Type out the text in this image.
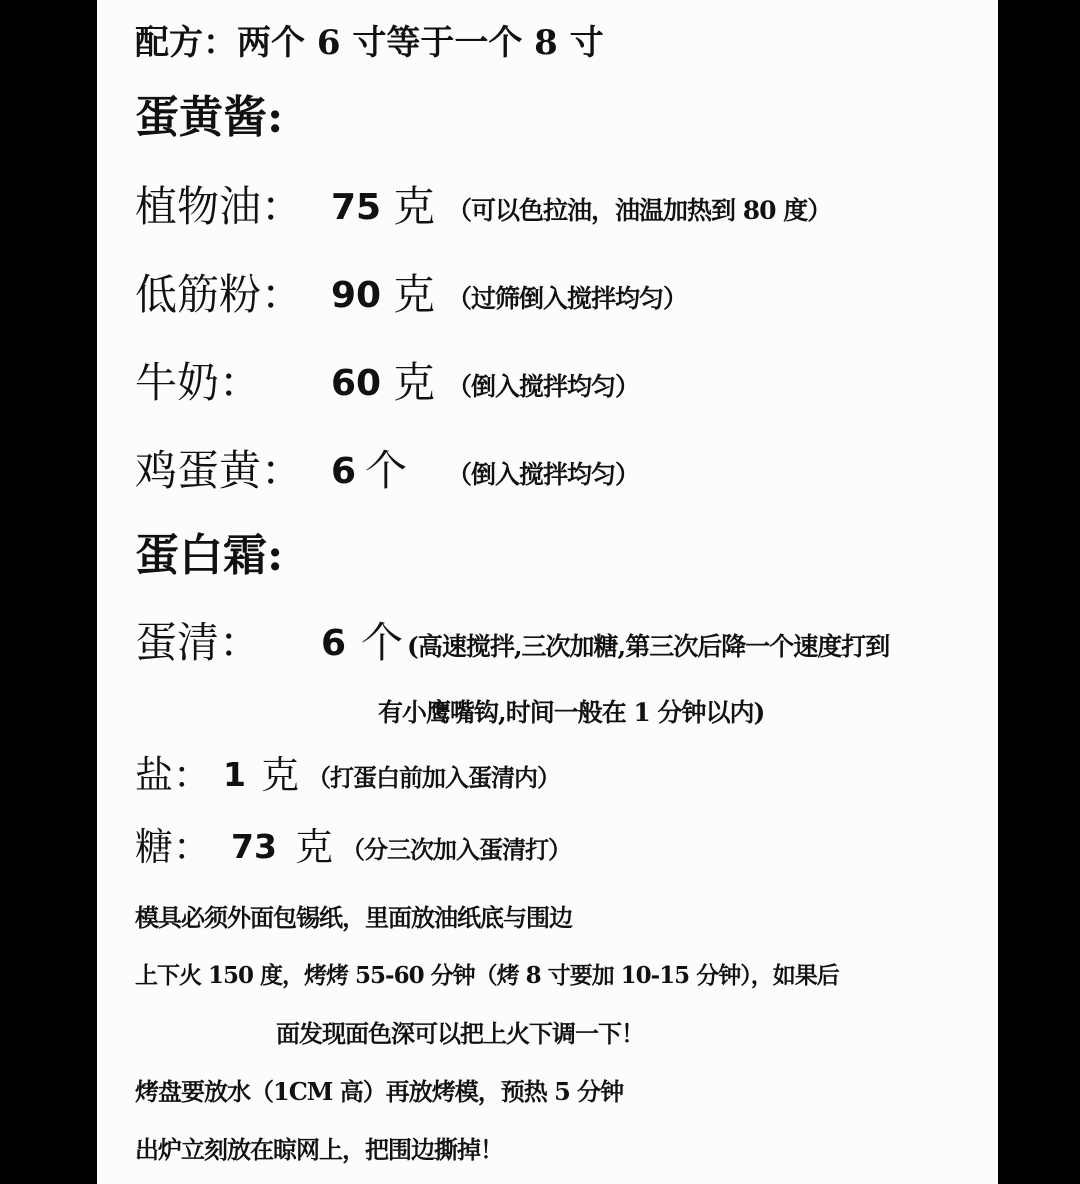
配方：两个 6 寸等于一个 8 寸
蛋黄酱:
植物油： 75 克 （可以色拉油，油温加热到 80 度）
低筋粉： 90 克 （过筛倒入搅拌均匀）
牛奶： 60 克 （倒入搅拌均匀）
鸡蛋黄： 6 个 （倒入搅拌均匀）
蛋白霜:
蛋清： 6 个 (高速搅拌,三次加糖,第三次后降一个速度打到
有小鹰嘴钩,时间一般在 1 分钟以内)
盐： 1 克 （打蛋白前加入蛋清内）
糖： 73 克 （分三次加入蛋清打）
模具必须外面包锡纸，里面放油纸底与围边
上下火 150 度，烤烤 55-60 分钟（烤 8 寸要加 10-15 分钟），如果后
面发现面色深可以把上火下调一下！
烤盘要放水（1CM 高）再放烤模，预热 5 分钟
出炉立刻放在晾网上，把围边撕掉！
